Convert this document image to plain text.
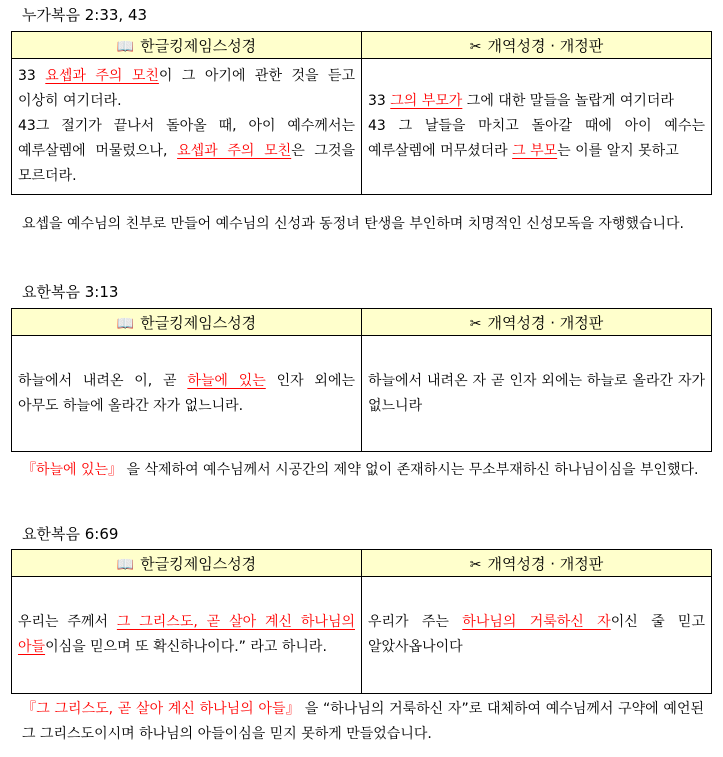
누가복음 2:33, 43
📖 한글킹제임스성경	✂ 개역성경 · 개정판
33 요셉과 주의 모친이 그 아기에 관한 것을 듣고 이상히 여기더라.
43그 절기가 끝나서 돌아올 때, 아이 예수께서는 예루살렘에 머물렀으나, 요셉과 주의 모친은 그것을 모르더라.	33 그의 부모가 그에 대한 말들을 놀랍게 여기더라
43 그 날들을 마치고 돌아갈 때에 아이 예수는 예루살렘에 머무셨더라 그 부모는 이를 알지 못하고
요셉을 예수님의 친부로 만들어 예수님의 신성과 동정녀 탄생을 부인하며 치명적인 신성모독을 자행했습니다.
요한복음 3:13
📖 한글킹제임스성경	✂ 개역성경 · 개정판
하늘에서 내려온 이, 곧 하늘에 있는 인자 외에는 아무도 하늘에 올라간 자가 없느니라.	하늘에서 내려온 자 곧 인자 외에는 하늘로 올라간 자가 없느니라
『하늘에 있는』 을 삭제하여 예수님께서 시공간의 제약 없이 존재하시는 무소부재하신 하나님이심을 부인했다.
요한복음 6:69
📖 한글킹제임스성경	✂ 개역성경 · 개정판
우리는 주께서 그 그리스도, 곧 살아 계신 하나님의 아들이심을 믿으며 또 확신하나이다.” 라고 하니라.	우리가 주는 하나님의 거룩하신 자이신 줄 믿고 알았사옵나이다
『그 그리스도, 곧 살아 계신 하나님의 아들』 을 “하나님의 거룩하신 자”로 대체하여 예수님께서 구약에 예언된 그 그리스도이시며 하나님의 아들이심을 믿지 못하게 만들었습니다.
